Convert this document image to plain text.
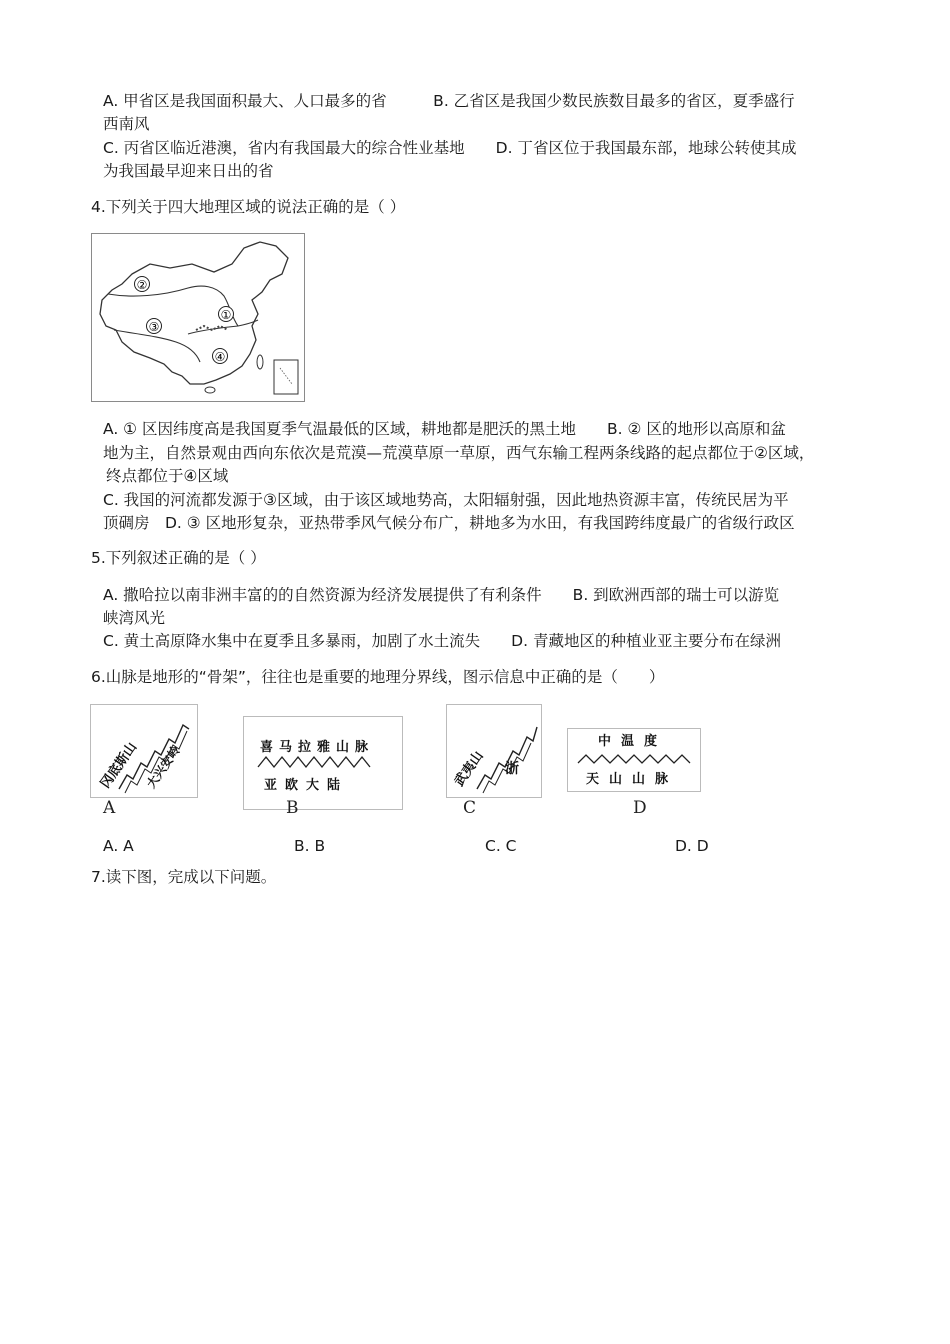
A. 甲省区是我国面积最大、人口最多的省　　　B. 乙省区是我国少数民族数目最多的省区，夏季盛行
西南风
C. 丙省区临近港澳，省内有我国最大的综合性业基地　　D. 丁省区位于我国最东部，地球公转使其成
为我国最早迎来日出的省
4.下列关于四大地理区域的说法正确的是（ ）
①
②
③
④
A. ① 区因纬度高是我国夏季气温最低的区域，耕地都是肥沃的黑土地　　B. ② 区的地形以高原和盆
地为主，自然景观由西向东依次是荒漠—荒漠草原一草原，西气东输工程两条线路的起点都位于②区域，
终点都位于④区域
C. 我国的河流都发源于③区域，由于该区域地势高，太阳辐射强，因此地热资源丰富，传统民居为平
顶碉房　D. ③ 区地形复杂，亚热带季风气候分布广，耕地多为水田，有我国跨纬度最广的省级行政区
5.下列叙述正确的是（ ）
A. 撒哈拉以南非洲丰富的的自然资源为经济发展提供了有利条件　　B. 到欧洲西部的瑞士可以游览
峡湾风光
C. 黄土高原降水集中在夏季且多暴雨，加剧了水土流失　　D. 青藏地区的种植业亚主要分布在绿洲
6.山脉是地形的“骨架”，往往也是重要的地理分界线，图示信息中正确的是（　　）
冈底斯山 大兴安岭
A
喜马拉雅山脉
亚欧大陆
B
武夷山 浙
C
中温度
天山山脉
D
A. A	B. B	C. C	D. D
7.读下图，完成以下问题。
